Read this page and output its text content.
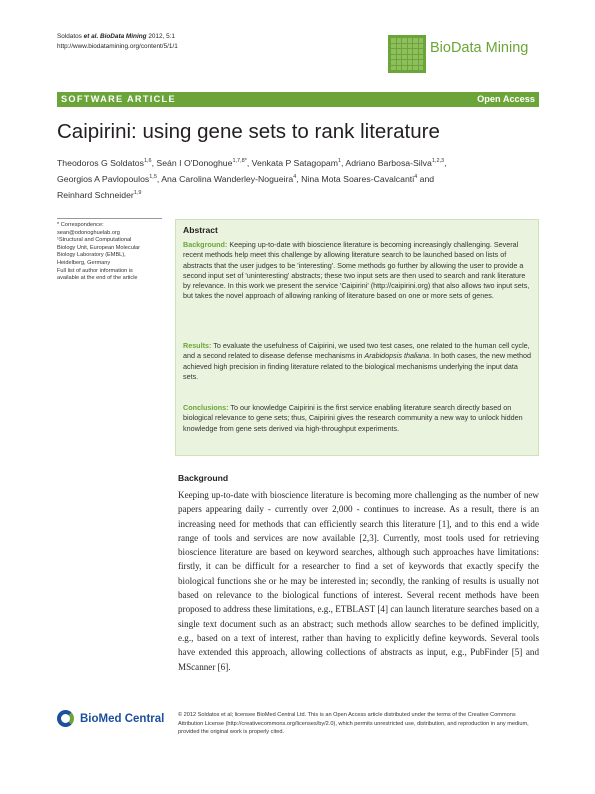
Soldatos et al. BioData Mining 2012, 5:1
http://www.biodatamining.org/content/5/1/1	BioData Mining
SOFTWARE ARTICLE	Open Access
Caipirini: using gene sets to rank literature
Theodoros G Soldatos$^{1,6}$, Seán I O'Donoghue$^{1,7,8*}$, Venkata P Satagopam$^1$, Adriano Barbosa-Silva$^{1,2,3}$,
Georgios A Pavlopoulos$^{1,5}$, Ana Carolina Wanderley-Nogueira$^4$, Nina Mota Soares-Cavalcanti$^4$ and
Reinhard Schneider$^{1,9}$
* Correspondence:
sean@odonoghuelab.org
¹Structural and Computational
Biology Unit, European Molecular
Biology Laboratory (EMBL),
Heidelberg, Germany
Full list of author information is
available at the end of the article
Abstract
Background: Keeping up-to-date with bioscience literature is becoming increasingly challenging. Several recent methods help meet this challenge by allowing literature search to be launched based on lists of abstracts that the user judges to be 'interesting'. Some methods go further by allowing the user to provide a second input set of 'uninteresting' abstracts; these two input sets are then used to search and rank literature by relevance. In this work we present the service 'Caipirini' (http://caipirini.org) that also allows two input sets, but takes the novel approach of allowing ranking of literature based on one or more sets of genes.
Results: To evaluate the usefulness of Caipirini, we used two test cases, one related to the human cell cycle, and a second related to disease defense mechanisms in Arabidopsis thaliana. In both cases, the new method achieved high precision in finding literature related to the biological mechanisms underlying the input data sets.
Conclusions: To our knowledge Caipirini is the first service enabling literature search directly based on biological relevance to gene sets; thus, Caipirini gives the research community a new way to unlock hidden knowledge from gene sets derived via high-throughput experiments.
Background
Keeping up-to-date with bioscience literature is becoming more challenging as the number of new papers appearing daily - currently over 2,000 - continues to increase. As a result, there is an increasing need for methods that can efficiently search this literature [1], and to this end a wide range of tools and services are now available [2,3]. Currently, most tools used for retrieving bioscience literature are based on keyword searches, although such approaches have limitations: firstly, it can be difficult for a researcher to find a set of keywords that exactly specify the biological functions she or he may be interested in; secondly, the ranking of results is usually not based on relevance to the biological functions of interest. Several recent methods have been proposed to address these limitations, e.g., ETBLAST [4] can launch literature searches based on a single text document such as an abstract; such methods allow searches to be defined implicitly, e.g., based on a text of interest, rather than having to explicitly define keywords. Several tools have extended this approach, allowing collections of abstracts as input, e.g., PubFinder [5] and MScanner [6].
BioMed Central © 2012 Soldatos et al; licensee BioMed Central Ltd. This is an Open Access article distributed under the terms of the Creative Commons Attribution License (http://creativecommons.org/licenses/by/2.0), which permits unrestricted use, distribution, and reproduction in any medium, provided the original work is properly cited.
